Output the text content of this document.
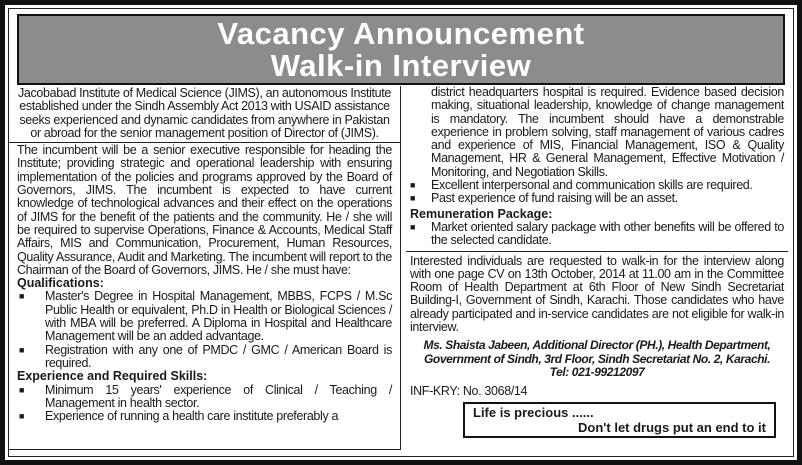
Vacancy Announcement
Walk-in Interview

Jacobabad Institute of Medical Science (JIMS), an autonomous Institute established under the Sindh Assembly Act 2013 with USAID assistance seeks experienced and dynamic candidates from anywhere in Pakistan or abroad for the senior management position of Director of (JIMS).

The incumbent will be a senior executive responsible for heading the Institute; providing strategic and operational leadership with ensuring implementation of the policies and programs approved by the Board of Governors, JIMS. The incumbent is expected to have current knowledge of technological advances and their effect on the operations of JIMS for the benefit of the patients and the community. He / she will be required to supervise Operations, Finance & Accounts, Medical Staff Affairs, MIS and Communication, Procurement, Human Resources, Quality Assurance, Audit and Marketing. The incumbent will report to the Chairman of the Board of Governors, JIMS. He / she must have:

Qualifications:
■	Master's Degree in Hospital Management, MBBS, FCPS / M.Sc Public Health or equivalent, Ph.D in Health or Biological Sciences / with MBA will be preferred. A Diploma in Hospital and Healthcare Management will be an added advantage.
■	Registration with any one of PMDC / GMC / American Board is required.
Experience and Required Skills:
■	Minimum 15 years' experience of Clinical / Teaching / Management in health sector.
■	Experience of running a health care institute preferably a
district headquarters hospital is required. Evidence based decision making, situational leadership, knowledge of change management is mandatory. The incumbent should have a demonstrable experience in problem solving, staff management of various cadres and experience of MIS, Financial Management, ISO & Quality Management, HR & General Management, Effective Motivation / Monitoring, and Negotiation Skills.
■	Excellent interpersonal and communication skills are required.
■	Past experience of fund raising will be an asset.
Remuneration Package:
■	Market oriented salary package with other benefits will be offered to the selected candidate.

Interested individuals are requested to walk-in for the interview along with one page CV on 13th October, 2014 at 11.00 am in the Committee Room of Health Department at 6th Floor of New Sindh Secretariat Building-I, Government of Sindh, Karachi. Those candidates who have already participated and in-service candidates are not eligible for walk-in interview.

Ms. Shaista Jabeen, Additional Director (PH.), Health Department,
Government of Sindh, 3rd Floor, Sindh Secretariat No. 2, Karachi.
Tel: 021-99212097
INF-KRY: No. 3068/14
Life is precious ......
Don't let drugs put an end to it
